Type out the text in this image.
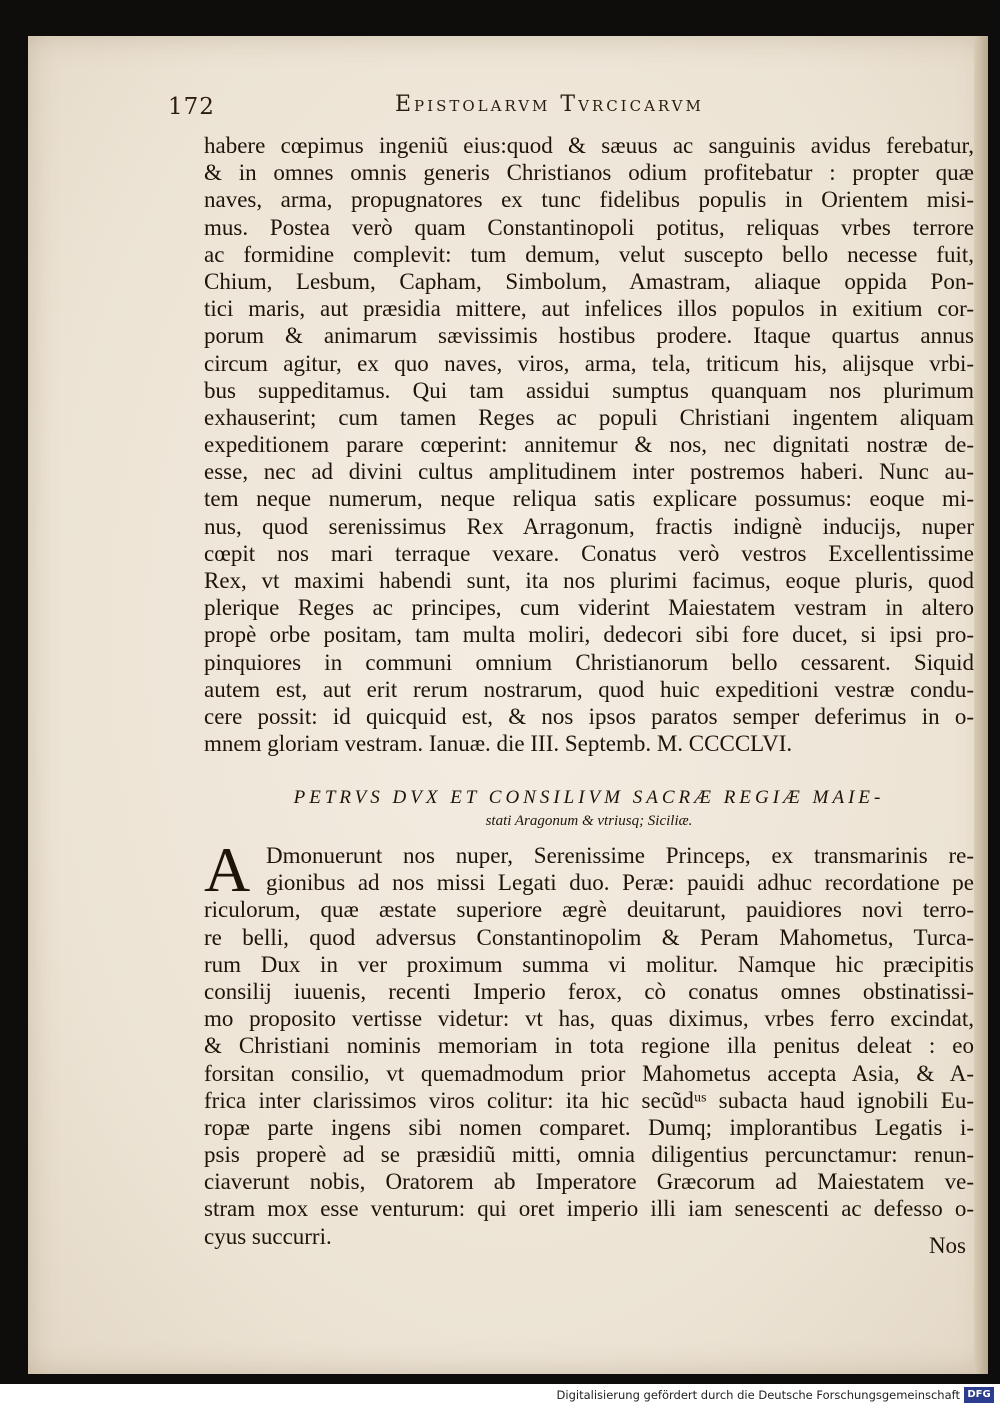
172	Epistolarvm Tvrcicarvm
habere cœpimus ingeniũ eius:quod & sæuus ac sanguinis avidus ferebatur,
& in omnes omnis generis Christianos odium profitebatur : propter quæ
naves, arma, propugnatores ex tunc fidelibus populis in Orientem misi-
mus. Postea verò quam Constantinopoli potitus, reliquas vrbes terrore
ac formidine complevit: tum demum, velut suscepto bello necesse fuit,
Chium, Lesbum, Capham, Simbolum, Amastram, aliaque oppida Pon-
tici maris, aut præsidia mittere, aut infelices illos populos in exitium cor-
porum & animarum sævissimis hostibus prodere. Itaque quartus annus
circum agitur, ex quo naves, viros, arma, tela, triticum his, alijsque vrbi-
bus suppeditamus. Qui tam assidui sumptus quanquam nos plurimum
exhauserint; cum tamen Reges ac populi Christiani ingentem aliquam
expeditionem parare cœperint: annitemur & nos, nec dignitati nostræ de-
esse, nec ad divini cultus amplitudinem inter postremos haberi. Nunc au-
tem neque numerum, neque reliqua satis explicare possumus: eoque mi-
nus, quod serenissimus Rex Arragonum, fractis indignè inducijs, nuper
cœpit nos mari terraque vexare. Conatus verò vestros Excellentissime
Rex, vt maximi habendi sunt, ita nos plurimi facimus, eoque pluris, quod
plerique Reges ac principes, cum viderint Maiestatem vestram in altero
propè orbe positam, tam multa moliri, dedecori sibi fore ducet, si ipsi pro-
pinquiores in communi omnium Christianorum bello cessarent. Siquid
autem est, aut erit rerum nostrarum, quod huic expeditioni vestræ condu-
cere possit: id quicquid est, & nos ipsos paratos semper deferimus in o-
mnem gloriam vestram. Ianuæ. die III. Septemb. M. CCCCLVI.
PETRVS DVX ET CONSILIVM SACRÆ REGIÆ MAIE-
stati Aragonum & vtriusq; Siciliæ.
A Dmonuerunt nos nuper, Serenissime Princeps, ex transmarinis re-
gionibus ad nos missi Legati duo. Peræ: pauidi adhuc recordatione pe
riculorum, quæ æstate superiore ægrè deuitarunt, pauidiores novi terro-
re belli, quod adversus Constantinopolim & Peram Mahometus, Turca-
rum Dux in ver proximum summa vi molitur. Namque hic præcipitis
consilij iuuenis, recenti Imperio ferox, cò conatus omnes obstinatissi-
mo proposito vertisse videtur: vt has, quas diximus, vrbes ferro excindat,
& Christiani nominis memoriam in tota regione illa penitus deleat : eo
forsitan consilio, vt quemadmodum prior Mahometus accepta Asia, & A-
frica inter clarissimos viros colitur: ita hic secũdᵘˢ subacta haud ignobili Eu-
ropæ parte ingens sibi nomen comparet. Dumq; implorantibus Legatis i-
psis properè ad se præsidiũ mitti, omnia diligentius percunctamur: renun-
ciaverunt nobis, Oratorem ab Imperatore Græcorum ad Maiestatem ve-
stram mox esse venturum: qui oret imperio illi iam senescenti ac defesso o-
cyus succurri.	Nos
Digitalisierung gefördert durch die Deutsche Forschungsgemeinschaft DFG
